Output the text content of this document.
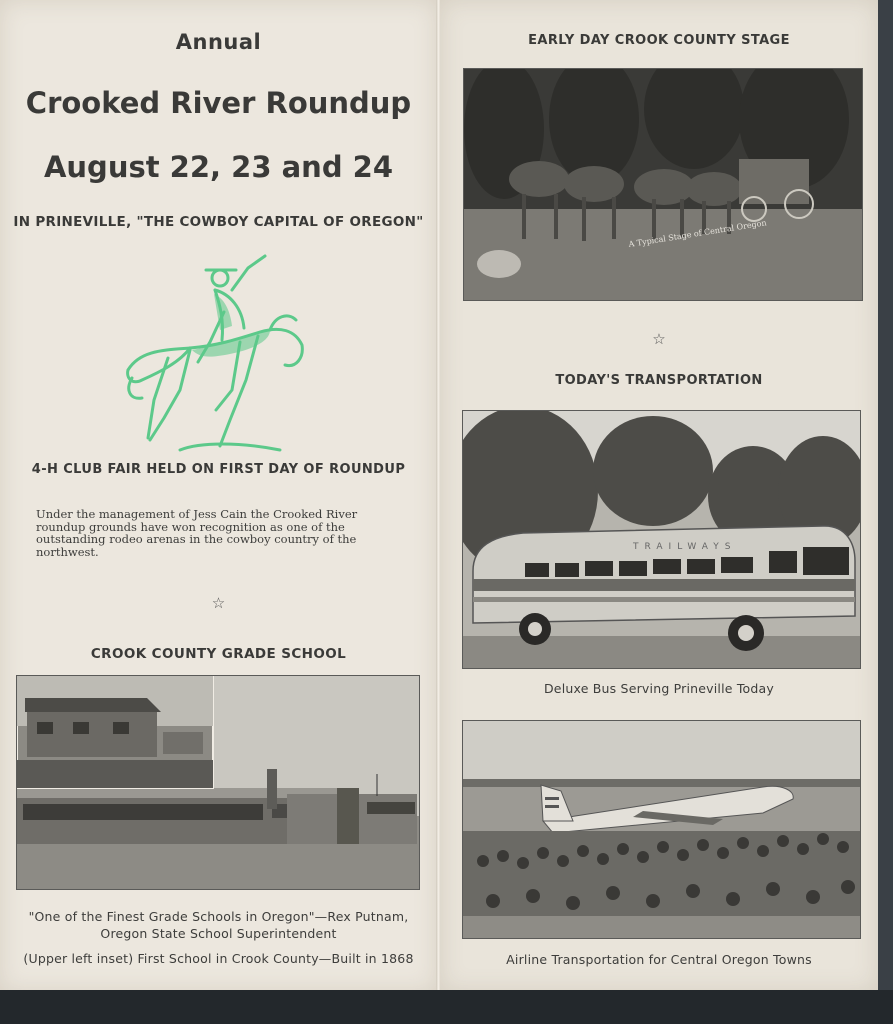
Annual

Crooked River Roundup

August 22, 23 and 24

IN PRINEVILLE, "THE COWBOY CAPITAL OF OREGON"

4-H CLUB FAIR HELD ON FIRST DAY OF ROUNDUP

Under the management of Jess Cain the Crooked River roundup grounds have won recognition as one of the outstanding rodeo arenas in the cowboy country of the northwest.

☆

CROOK COUNTY GRADE SCHOOL

"One of the Finest Grade Schools in Oregon"—Rex Putnam,
Oregon State School Superintendent

(Upper left inset) First School in Crook County—Built in 1868

EARLY DAY CROOK COUNTY STAGE

A Typical Stage of Central Oregon

☆

TODAY'S TRANSPORTATION

TRAILWAYS

Deluxe Bus Serving Prineville Today

Airline Transportation for Central Oregon Towns
